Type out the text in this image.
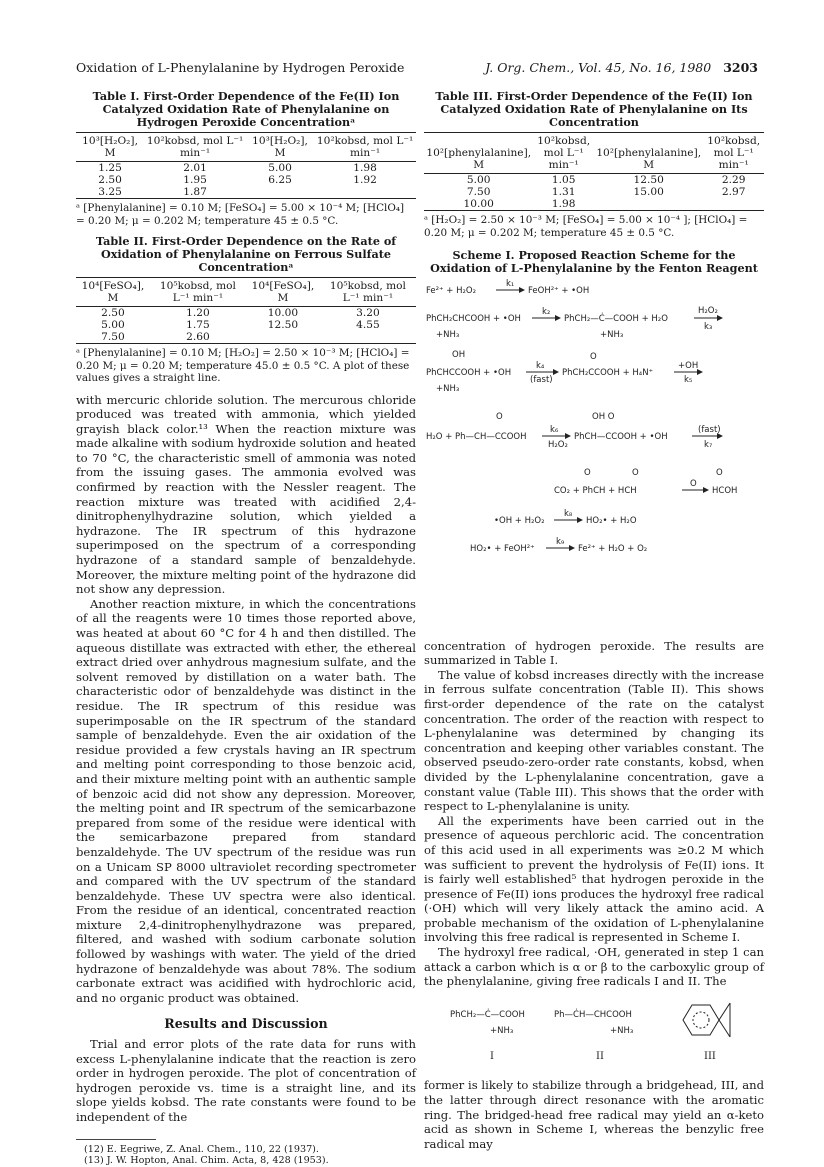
Oxidation of L-Phenylalanine by Hydrogen Peroxide	J. Org. Chem., Vol. 45, No. 16, 1980 3203
Table I. First-Order Dependence of the Fe(II) Ion Catalyzed Oxidation Rate of Phenylalanine on Hydrogen Peroxide Concentrationᵃ
10³[H₂O₂], M	10²kobsd, mol L⁻¹ min⁻¹	10³[H₂O₂], M	10²kobsd, mol L⁻¹ min⁻¹
1.25	2.01	5.00	1.98
2.50	1.95	6.25	1.92
3.25	1.87		
ᵃ [Phenylalanine] = 0.10 M; [FeSO₄] = 5.00 × 10⁻⁴ M; [HClO₄] = 0.20 M; μ = 0.202 M; temperature 45 ± 0.5 °C.
Table II. First-Order Dependence on the Rate of Oxidation of Phenylalanine on Ferrous Sulfate Concentrationᵃ
10⁴[FeSO₄], M	10⁵kobsd, mol L⁻¹ min⁻¹	10⁴[FeSO₄], M	10⁵kobsd, mol L⁻¹ min⁻¹
2.50	1.20	10.00	3.20
5.00	1.75	12.50	4.55
7.50	2.60		
ᵃ [Phenylalanine] = 0.10 M; [H₂O₂] = 2.50 × 10⁻³ M; [HClO₄] = 0.20 M; μ = 0.20 M; temperature 45.0 ± 0.5 °C. A plot of these values gives a straight line.

with mercuric chloride solution. The mercurous chloride produced was treated with ammonia, which yielded grayish black color.¹³ When the reaction mixture was made alkaline with sodium hydroxide solution and heated to 70 °C, the characteristic smell of ammonia was noted from the issuing gases. The ammonia evolved was confirmed by reaction with the Nessler reagent. The reaction mixture was treated with acidified 2,4-dinitrophenylhydrazine solution, which yielded a hydrazone. The IR spectrum of this hydrazone superimposed on the spectrum of a corresponding hydrazone of a standard sample of benzaldehyde. Moreover, the mixture melting point of the hydrazone did not show any depression.

Another reaction mixture, in which the concentrations of all the reagents were 10 times those reported above, was heated at about 60 °C for 4 h and then distilled. The aqueous distillate was extracted with ether, the ethereal extract dried over anhydrous magnesium sulfate, and the solvent removed by distillation on a water bath. The characteristic odor of benzaldehyde was distinct in the residue. The IR spectrum of this residue was superimposable on the IR spectrum of the standard sample of benzaldehyde. Even the air oxidation of the residue provided a few crystals having an IR spectrum and melting point corresponding to those benzoic acid, and their mixture melting point with an authentic sample of benzoic acid did not show any depression. Moreover, the melting point and IR spectrum of the semicarbazone prepared from some of the residue were identical with the semicarbazone prepared from standard benzaldehyde. The UV spectrum of the residue was run on a Unicam SP 8000 ultraviolet recording spectrometer and compared with the UV spectrum of the standard benzaldehyde. These UV spectra were also identical. From the residue of an identical, concentrated reaction mixture 2,4-dinitrophenylhydrazone was prepared, filtered, and washed with sodium carbonate solution followed by washings with water. The yield of the dried hydrazone of benzaldehyde was about 78%. The sodium carbonate extract was acidified with hydrochloric acid, and no organic product was obtained.

Results and Discussion

Trial and error plots of the rate data for runs with excess L-phenylalanine indicate that the reaction is zero order in hydrogen peroxide. The plot of concentration of hydrogen peroxide vs. time is a straight line, and its slope yields kobsd. The rate constants were found to be independent of the

(12) E. Eegriwe, Z. Anal. Chem., 110, 22 (1937).
(13) J. W. Hopton, Anal. Chim. Acta, 8, 428 (1953).
Table III. First-Order Dependence of the Fe(II) Ion Catalyzed Oxidation Rate of Phenylalanine on Its Concentration
10²[phenylalanine], M	10²kobsd, mol L⁻¹ min⁻¹	10²[phenylalanine], M	10²kobsd, mol L⁻¹ min⁻¹
5.00	1.05	12.50	2.29
7.50	1.31	15.00	2.97
10.00	1.98		
ᵃ [H₂O₂] = 2.50 × 10⁻³ M; [FeSO₄] = 5.00 × 10⁻⁴ ]; [HClO₄] = 0.20 M; μ = 0.202 M; temperature 45 ± 0.5 °C.
Scheme I. Proposed Reaction Scheme for the Oxidation of L-Phenylalanine by the Fenton Reagent
Fe²⁺ + H₂O₂
k₁
FeOH²⁺ + •OH
PhCH₂CHCOOH + •OH
+NH₃
k₂
PhCH₂—Ċ—COOH + H₂O
+NH₃
H₂O₂
k₃
OH
PhCHCCOOH + •OH
+NH₃
k₄
(fast)
O
PhCH₂CCOOH + H₄N⁺
+OH
k₅
O
H₂O + Ph—CH—CCOOH
k₆
H₂O₂
OH O
PhCH—CCOOH + •OH
(fast)
k₇
O	O	O
CO₂ + PhCH + HCH
O
HCOH
•OH + H₂O₂
k₈
HO₂• + H₂O
HO₂• + FeOH²⁺
k₉
Fe²⁺ + H₂O + O₂

concentration of hydrogen peroxide. The results are summarized in Table I.

The value of kobsd increases directly with the increase in ferrous sulfate concentration (Table II). This shows first-order dependence of the rate on the catalyst concentration. The order of the reaction with respect to L-phenylalanine was determined by changing its concentration and keeping other variables constant. The observed pseudo-zero-order rate constants, kobsd, when divided by the L-phenylalanine concentration, gave a constant value (Table III). This shows that the order with respect to L-phenylalanine is unity.

All the experiments have been carried out in the presence of aqueous perchloric acid. The concentration of this acid used in all experiments was ≥0.2 M which was sufficient to prevent the hydrolysis of Fe(II) ions. It is fairly well established⁵ that hydrogen peroxide in the presence of Fe(II) ions produces the hydroxyl free radical (·OH) which will very likely attack the amino acid. A probable mechanism of the oxidation of L-phenylalanine involving this free radical is represented in Scheme I.

The hydroxyl free radical, ·OH, generated in step 1 can attack a carbon which is α or β to the carboxylic group of the phenylalanine, giving free radicals I and II. The

PhCH₂—Ċ—COOH
+NH₃
I
Ph—ĊH—CHCOOH
+NH₃
II	III

former is likely to stabilize through a bridgehead, III, and the latter through direct resonance with the aromatic ring. The bridged-head free radical may yield an α-keto acid as shown in Scheme I, whereas the benzylic free radical may
